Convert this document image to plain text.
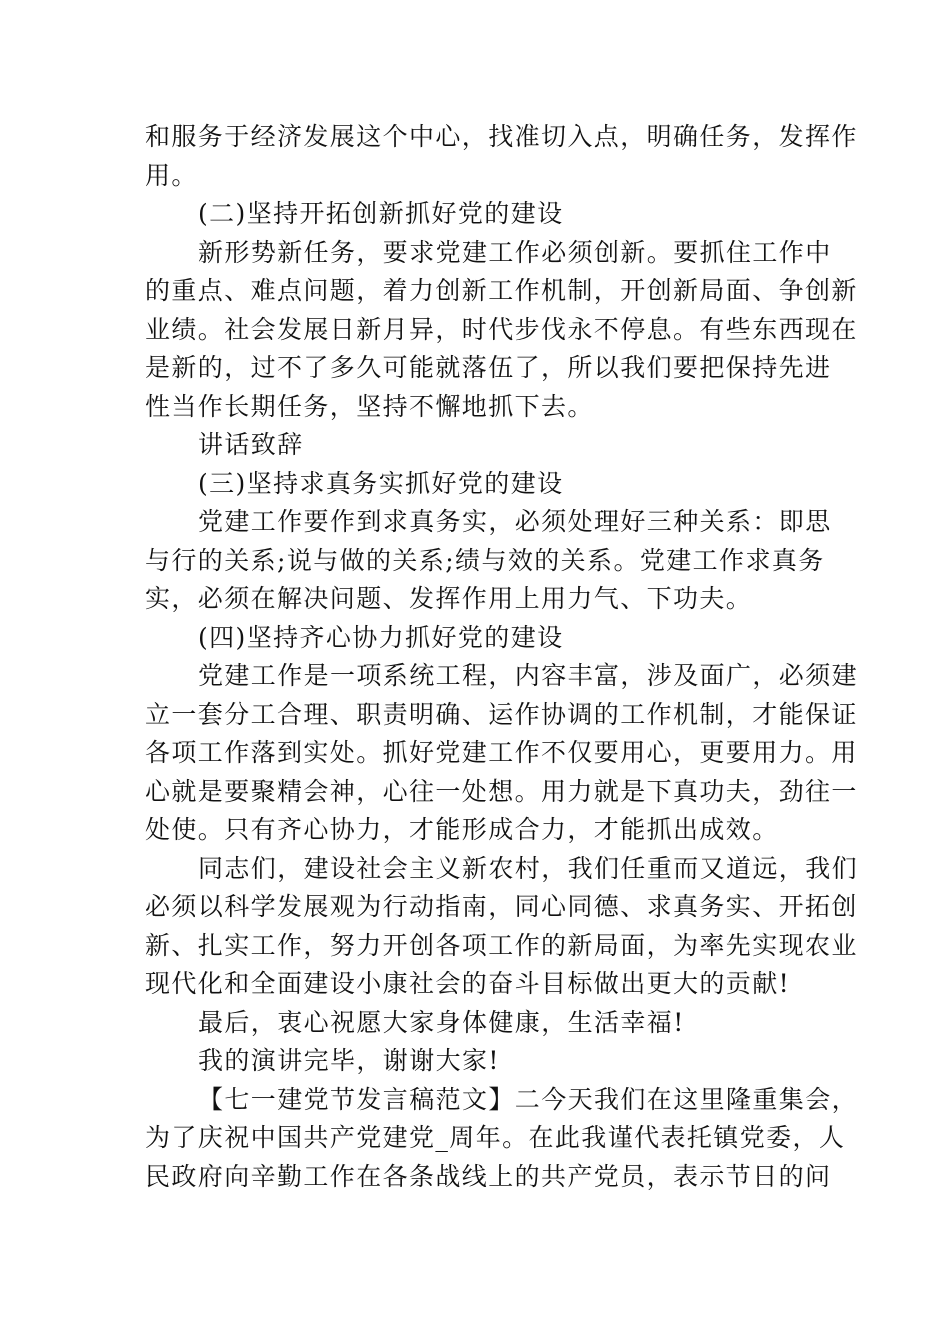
和服务于经济发展这个中心，找准切入点，明确任务，发挥作
用。
(二)坚持开拓创新抓好党的建设
新形势新任务，要求党建工作必须创新。要抓住工作中
的重点、难点问题，着力创新工作机制，开创新局面、争创新
业绩。社会发展日新月异，时代步伐永不停息。有些东西现在
是新的，过不了多久可能就落伍了，所以我们要把保持先进
性当作长期任务，坚持不懈地抓下去。
讲话致辞
(三)坚持求真务实抓好党的建设
党建工作要作到求真务实，必须处理好三种关系：即思
与行的关系;说与做的关系;绩与效的关系。党建工作求真务
实，必须在解决问题、发挥作用上用力气、下功夫。
(四)坚持齐心协力抓好党的建设
党建工作是一项系统工程，内容丰富，涉及面广，必须建
立一套分工合理、职责明确、运作协调的工作机制，才能保证
各项工作落到实处。抓好党建工作不仅要用心，更要用力。用
心就是要聚精会神，心往一处想。用力就是下真功夫，劲往一
处使。只有齐心协力，才能形成合力，才能抓出成效。
同志们，建设社会主义新农村，我们任重而又道远，我们
必须以科学发展观为行动指南，同心同德、求真务实、开拓创
新、扎实工作，努力开创各项工作的新局面，为率先实现农业
现代化和全面建设小康社会的奋斗目标做出更大的贡献!
最后，衷心祝愿大家身体健康，生活幸福!
我的演讲完毕，谢谢大家!
【七一建党节发言稿范文】二今天我们在这里隆重集会，
为了庆祝中国共产党建党_周年。在此我谨代表托镇党委，人
民政府向辛勤工作在各条战线上的共产党员，表示节日的问
